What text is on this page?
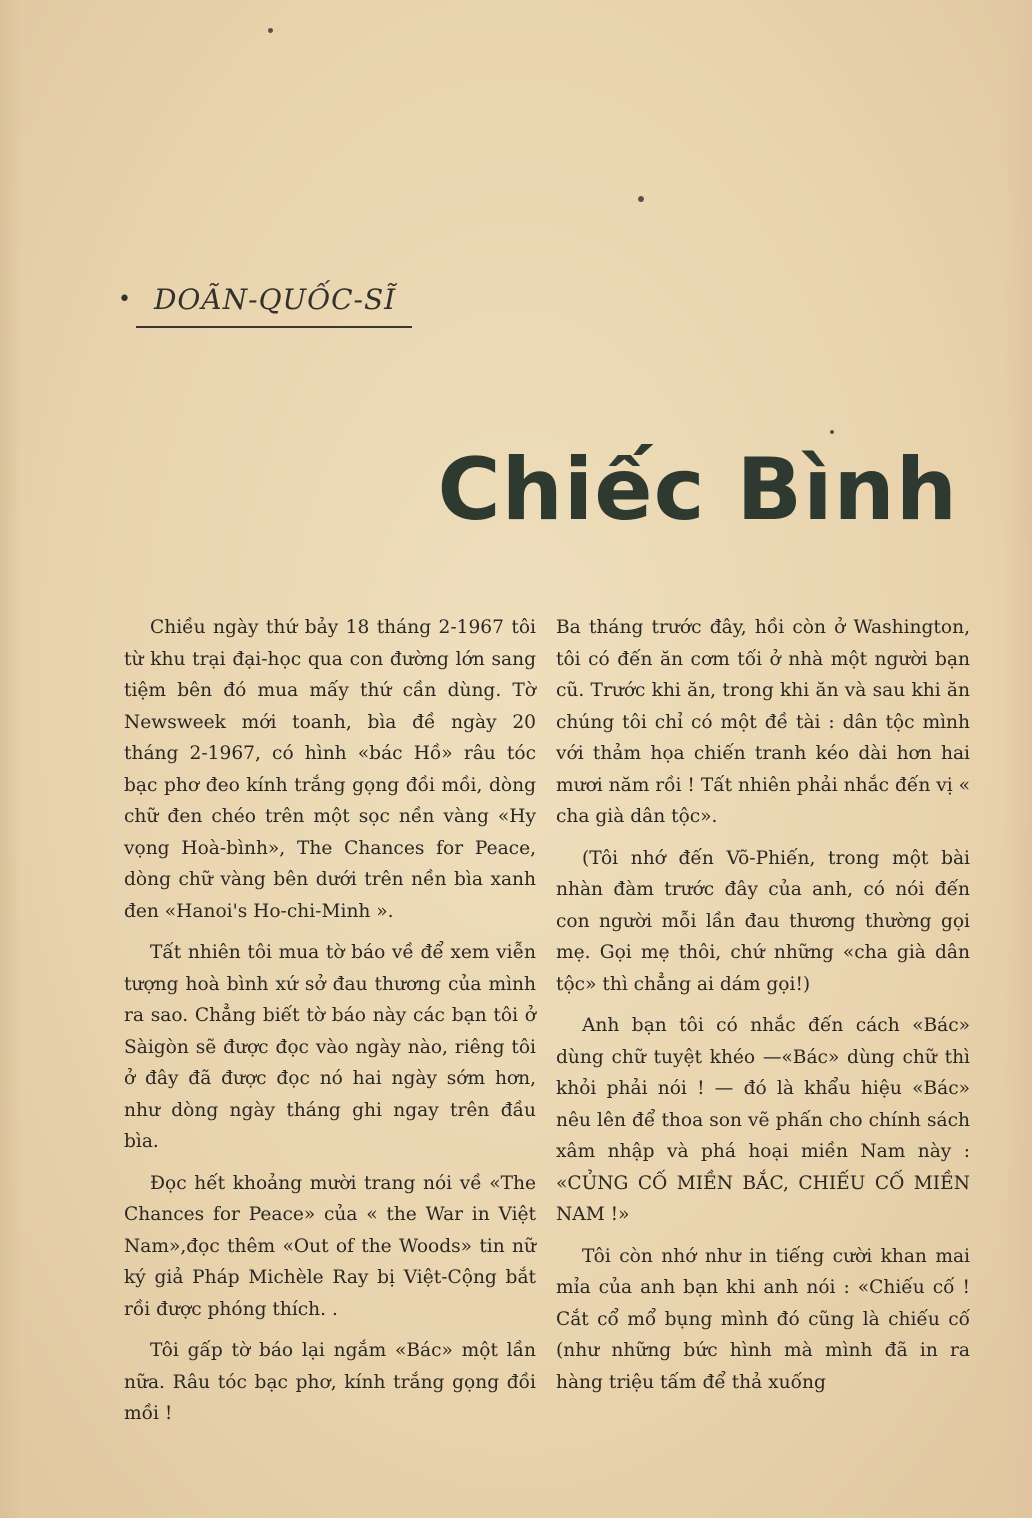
• DOÃN-QUỐC-SĨ
Chiếc Bình

Chiều ngày thứ bảy 18 tháng 2-1967 tôi từ khu trại đại-học qua con đường lớn sang tiệm bên đó mua mấy thứ cần dùng. Tờ Newsweek mới toanh, bìa đề ngày 20 tháng 2-1967, có hình «bác Hồ» râu tóc bạc phơ đeo kính trắng gọng đồi mồi, dòng chữ đen chéo trên một sọc nền vàng «Hy vọng Hoà-bình», The Chances for Peace, dòng chữ vàng bên dưới trên nền bìa xanh đen «Hanoi's Ho-chi-Minh ».

Tất nhiên tôi mua tờ báo về để xem viễn tượng hoà bình xứ sở đau thương của mình ra sao. Chẳng biết tờ báo này các bạn tôi ở Sàigòn sẽ được đọc vào ngày nào, riêng tôi ở đây đã được đọc nó hai ngày sớm hơn, như dòng ngày tháng ghi ngay trên đầu bìa.

Đọc hết khoảng mười trang nói về «The Chances for Peace» của « the War in Việt Nam»,đọc thêm «Out of the Woods» tin nữ ký giả Pháp Michèle Ray bị Việt-Cộng bắt rồi được phóng thích. .

Tôi gấp tờ báo lại ngắm «Bác» một lần nữa. Râu tóc bạc phơ, kính trắng gọng đồi mồi !

Ba tháng trước đây, hồi còn ở Washington, tôi có đến ăn cơm tối ở nhà một người bạn cũ. Trước khi ăn, trong khi ăn và sau khi ăn chúng tôi chỉ có một đề tài : dân tộc mình với thảm họa chiến tranh kéo dài hơn hai mươi năm rồi ! Tất nhiên phải nhắc đến vị « cha già dân tộc».

(Tôi nhớ đến Võ-Phiến, trong một bài nhàn đàm trước đây của anh, có nói đến con người mỗi lần đau thương thường gọi mẹ. Gọi mẹ thôi, chứ những «cha già dân tộc» thì chẳng ai dám gọi!)

Anh bạn tôi có nhắc đến cách «Bác» dùng chữ tuyệt khéo —«Bác» dùng chữ thì khỏi phải nói ! — đó là khẩu hiệu «Bác» nêu lên để thoa son vẽ phấn cho chính sách xâm nhập và phá hoại miền Nam này : «CỦNG CỐ MIỀN BẮC, CHIẾU CỐ MIỀN NAM !»

Tôi còn nhớ như in tiếng cười khan mai mỉa của anh bạn khi anh nói : «Chiếu cố ! Cắt cổ mổ bụng mình đó cũng là chiếu cố (như những bức hình mà mình đã in ra hàng triệu tấm để thả xuống
